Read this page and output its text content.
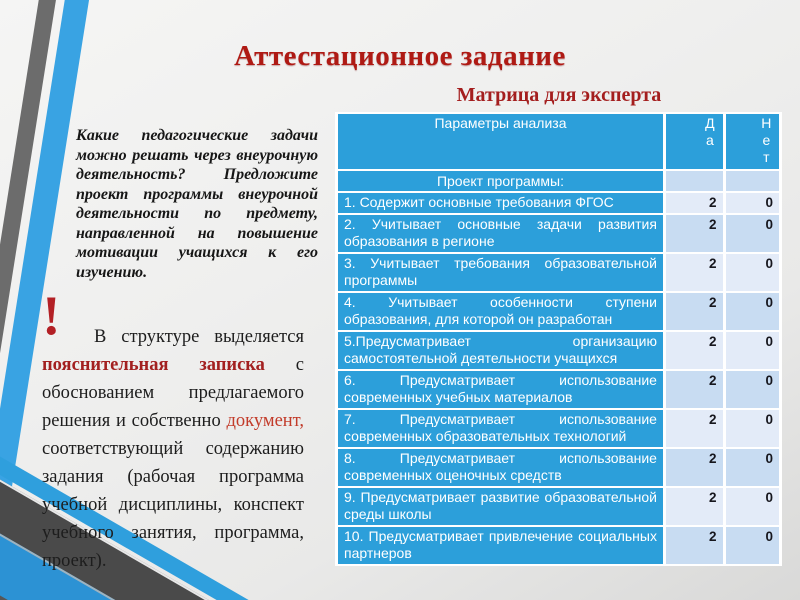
Аттестационное задание
Матрица для эксперта
Какие педагогические задачи можно решать через внеурочную деятельность? Предложите проект программы внеурочной деятельности по предмету, направленной на повышение мотивации учащихся к его изучению.
!	В структуре выделяется пояснительная записка с обоснованием предлагаемого решения и собственно документ, соответствующий содержанию задания (рабочая программа учебной дисциплины, конспект учебного занятия, программа, проект).

Параметры анализа	Да	Нет
Проект программы:		
1. Содержит основные требования ФГОС	2	0
2. Учитывает основные задачи развития образования в регионе	2	0
3. Учитывает требования образовательной программы	2	0
4. Учитывает особенности ступени образования, для которой он разработан	2	0
5.Предусматривает организацию самостоятельной деятельности учащихся	2	0
6. Предусматривает использование современных учебных материалов	2	0
7. Предусматривает использование современных образовательных технологий	2	0
8. Предусматривает использование современных оценочных средств	2	0
9. Предусматривает развитие образовательной среды школы	2	0
10. Предусматривает привлечение социальных партнеров	2	0
